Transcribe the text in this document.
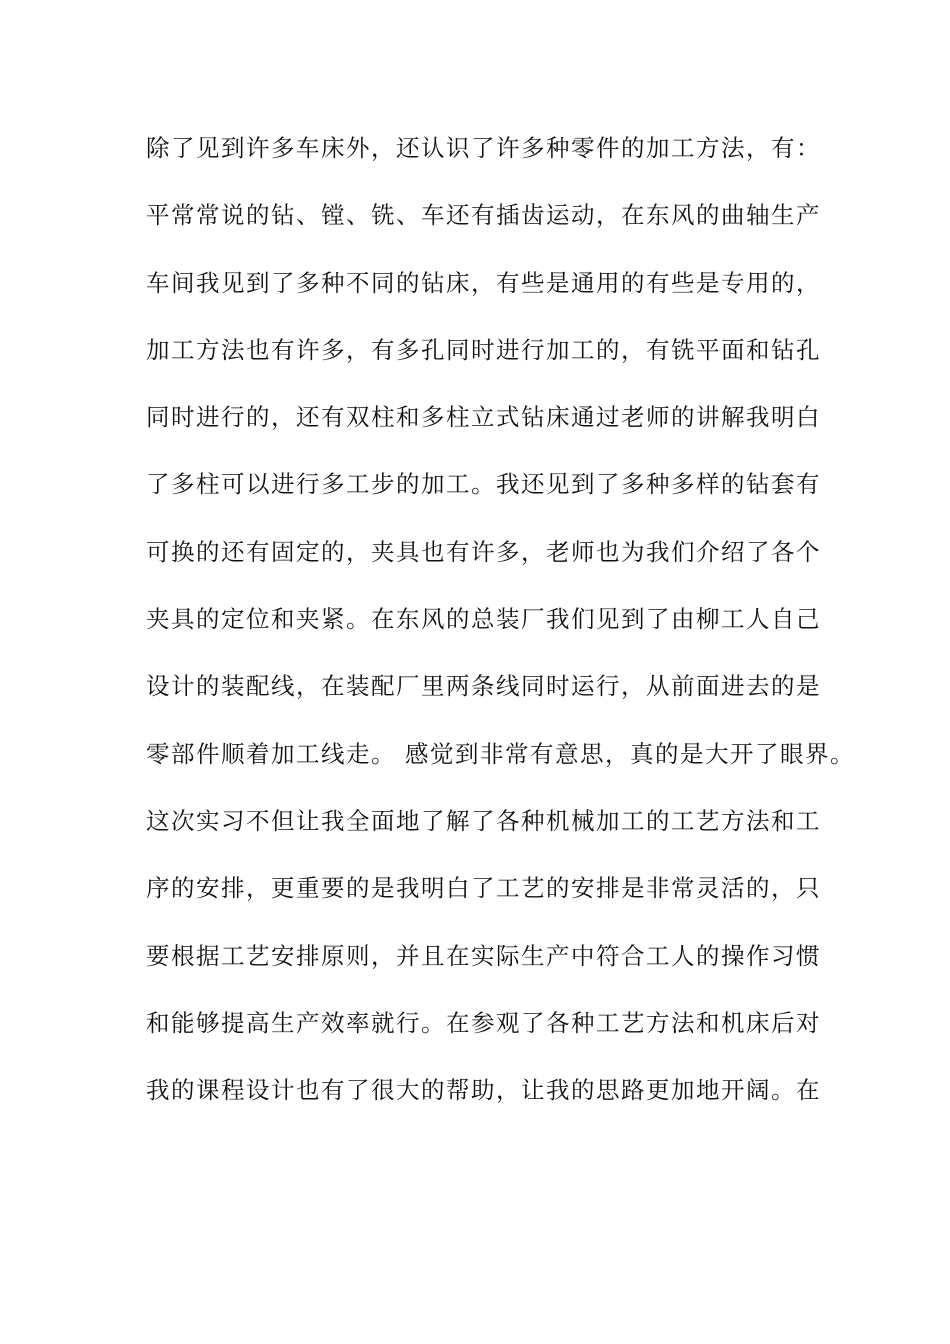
除了见到许多车床外，还认识了许多种零件的加工方法，有：
平常常说的钻、镗、铣、车还有插齿运动，在东风的曲轴生产
车间我见到了多种不同的钻床，有些是通用的有些是专用的，
加工方法也有许多，有多孔同时进行加工的，有铣平面和钻孔
同时进行的，还有双柱和多柱立式钻床通过老师的讲解我明白
了多柱可以进行多工步的加工。我还见到了多种多样的钻套有
可换的还有固定的，夹具也有许多，老师也为我们介绍了各个
夹具的定位和夹紧。在东风的总装厂我们见到了由柳工人自己
设计的装配线，在装配厂里两条线同时运行，从前面进去的是
零部件顺着加工线走。 感觉到非常有意思，真的是大开了眼界。
这次实习不但让我全面地了解了各种机械加工的工艺方法和工
序的安排，更重要的是我明白了工艺的安排是非常灵活的，只
要根据工艺安排原则，并且在实际生产中符合工人的操作习惯
和能够提高生产效率就行。在参观了各种工艺方法和机床后对
我的课程设计也有了很大的帮助，让我的思路更加地开阔。在
